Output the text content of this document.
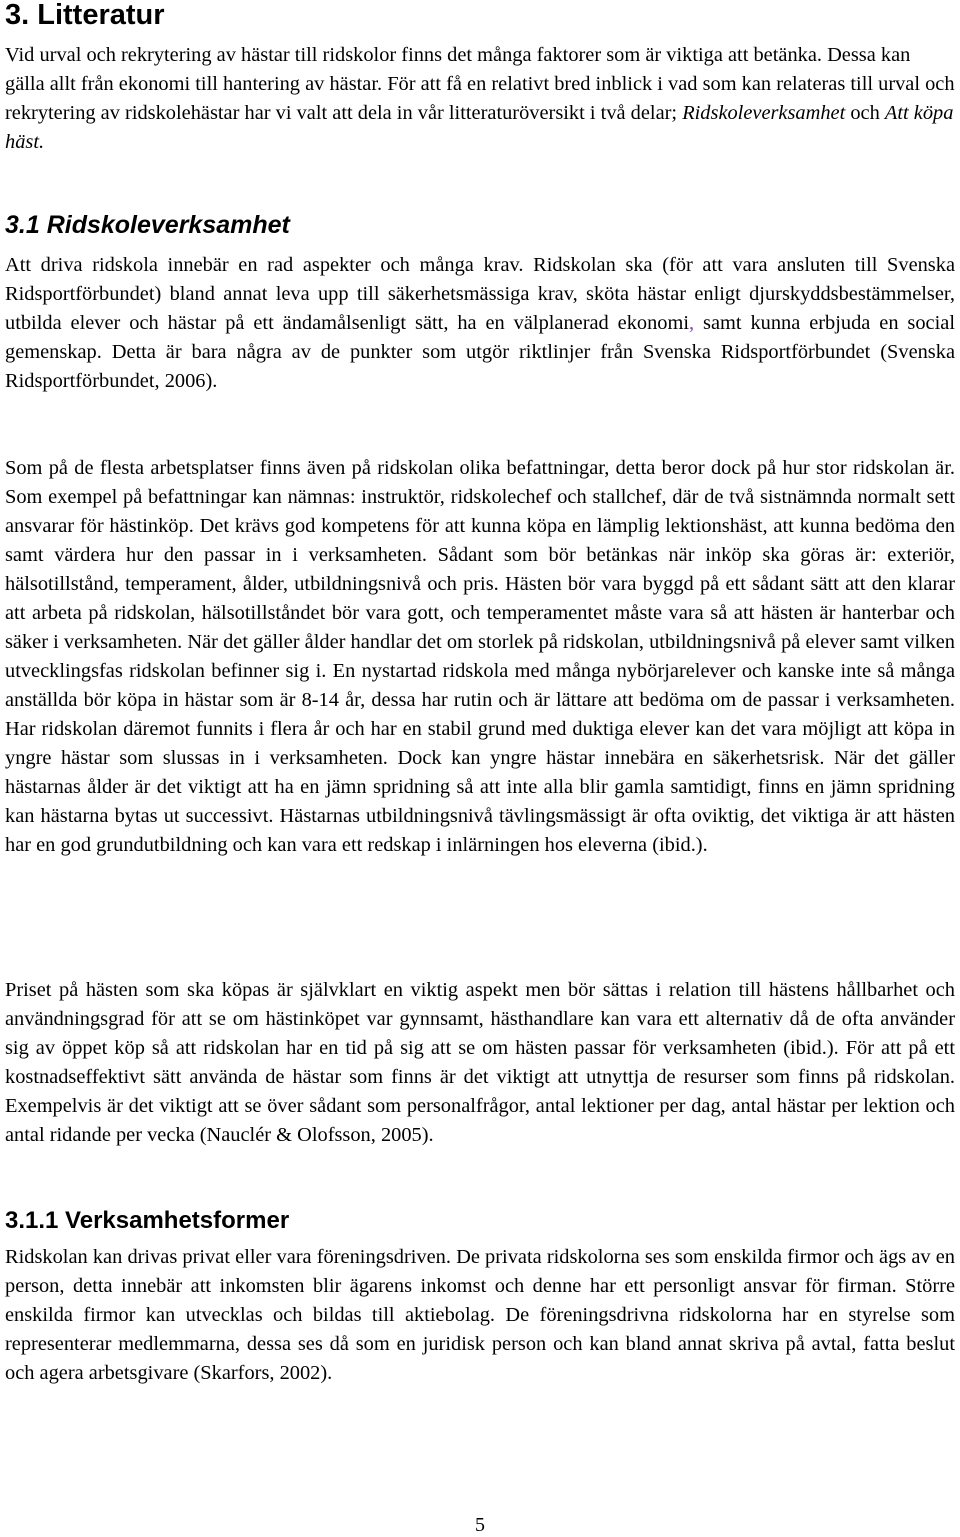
3. Litteratur

Vid urval och rekrytering av hästar till ridskolor finns det många faktorer som är viktiga att betänka. Dessa kan gälla allt från ekonomi till hantering av hästar. För att få en relativt bred inblick i vad som kan relateras till urval och rekrytering av ridskolehästar har vi valt att dela in vår litteraturöversikt i två delar; Ridskoleverksamhet och Att köpa häst.

3.1 Ridskoleverksamhet

Att driva ridskola innebär en rad aspekter och många krav. Ridskolan ska (för att vara ansluten till Svenska Ridsportförbundet) bland annat leva upp till säkerhetsmässiga krav, sköta hästar enligt djurskyddsbestämmelser, utbilda elever och hästar på ett ändamålsenligt sätt, ha en välplanerad ekonomi, samt kunna erbjuda en social gemenskap. Detta är bara några av de punkter som utgör riktlinjer från Svenska Ridsportförbundet (Svenska Ridsportförbundet, 2006).

Som på de flesta arbetsplatser finns även på ridskolan olika befattningar, detta beror dock på hur stor ridskolan är. Som exempel på befattningar kan nämnas: instruktör, ridskolechef och stallchef, där de två sistnämnda normalt sett ansvarar för hästinköp. Det krävs god kompetens för att kunna köpa en lämplig lektionshäst, att kunna bedöma den samt värdera hur den passar in i verksamheten. Sådant som bör betänkas när inköp ska göras är: exteriör, hälsotillstånd, temperament, ålder, utbildningsnivå och pris. Hästen bör vara byggd på ett sådant sätt att den klarar att arbeta på ridskolan, hälsotillståndet bör vara gott, och temperamentet måste vara så att hästen är hanterbar och säker i verksamheten. När det gäller ålder handlar det om storlek på ridskolan, utbildningsnivå på elever samt vilken utvecklingsfas ridskolan befinner sig i. En nystartad ridskola med många nybörjarelever och kanske inte så många anställda bör köpa in hästar som är 8-14 år, dessa har rutin och är lättare att bedöma om de passar i verksamheten. Har ridskolan däremot funnits i flera år och har en stabil grund med duktiga elever kan det vara möjligt att köpa in yngre hästar som slussas in i verksamheten. Dock kan yngre hästar innebära en säkerhetsrisk. När det gäller hästarnas ålder är det viktigt att ha en jämn spridning så att inte alla blir gamla samtidigt, finns en jämn spridning kan hästarna bytas ut successivt. Hästarnas utbildningsnivå tävlingsmässigt är ofta oviktig, det viktiga är att hästen har en god grundutbildning och kan vara ett redskap i inlärningen hos eleverna (ibid.).

Priset på hästen som ska köpas är självklart en viktig aspekt men bör sättas i relation till hästens hållbarhet och användningsgrad för att se om hästinköpet var gynnsamt, hästhandlare kan vara ett alternativ då de ofta använder sig av öppet köp så att ridskolan har en tid på sig att se om hästen passar för verksamheten (ibid.). För att på ett kostnadseffektivt sätt använda de hästar som finns är det viktigt att utnyttja de resurser som finns på ridskolan. Exempelvis är det viktigt att se över sådant som personalfrågor, antal lektioner per dag, antal hästar per lektion och antal ridande per vecka (Nauclér & Olofsson, 2005).

3.1.1 Verksamhetsformer

Ridskolan kan drivas privat eller vara föreningsdriven. De privata ridskolorna ses som enskilda firmor och ägs av en person, detta innebär att inkomsten blir ägarens inkomst och denne har ett personligt ansvar för firman. Större enskilda firmor kan utvecklas och bildas till aktiebolag. De föreningsdrivna ridskolorna har en styrelse som representerar medlemmarna, dessa ses då som en juridisk person och kan bland annat skriva på avtal, fatta beslut och agera arbetsgivare (Skarfors, 2002).

5
